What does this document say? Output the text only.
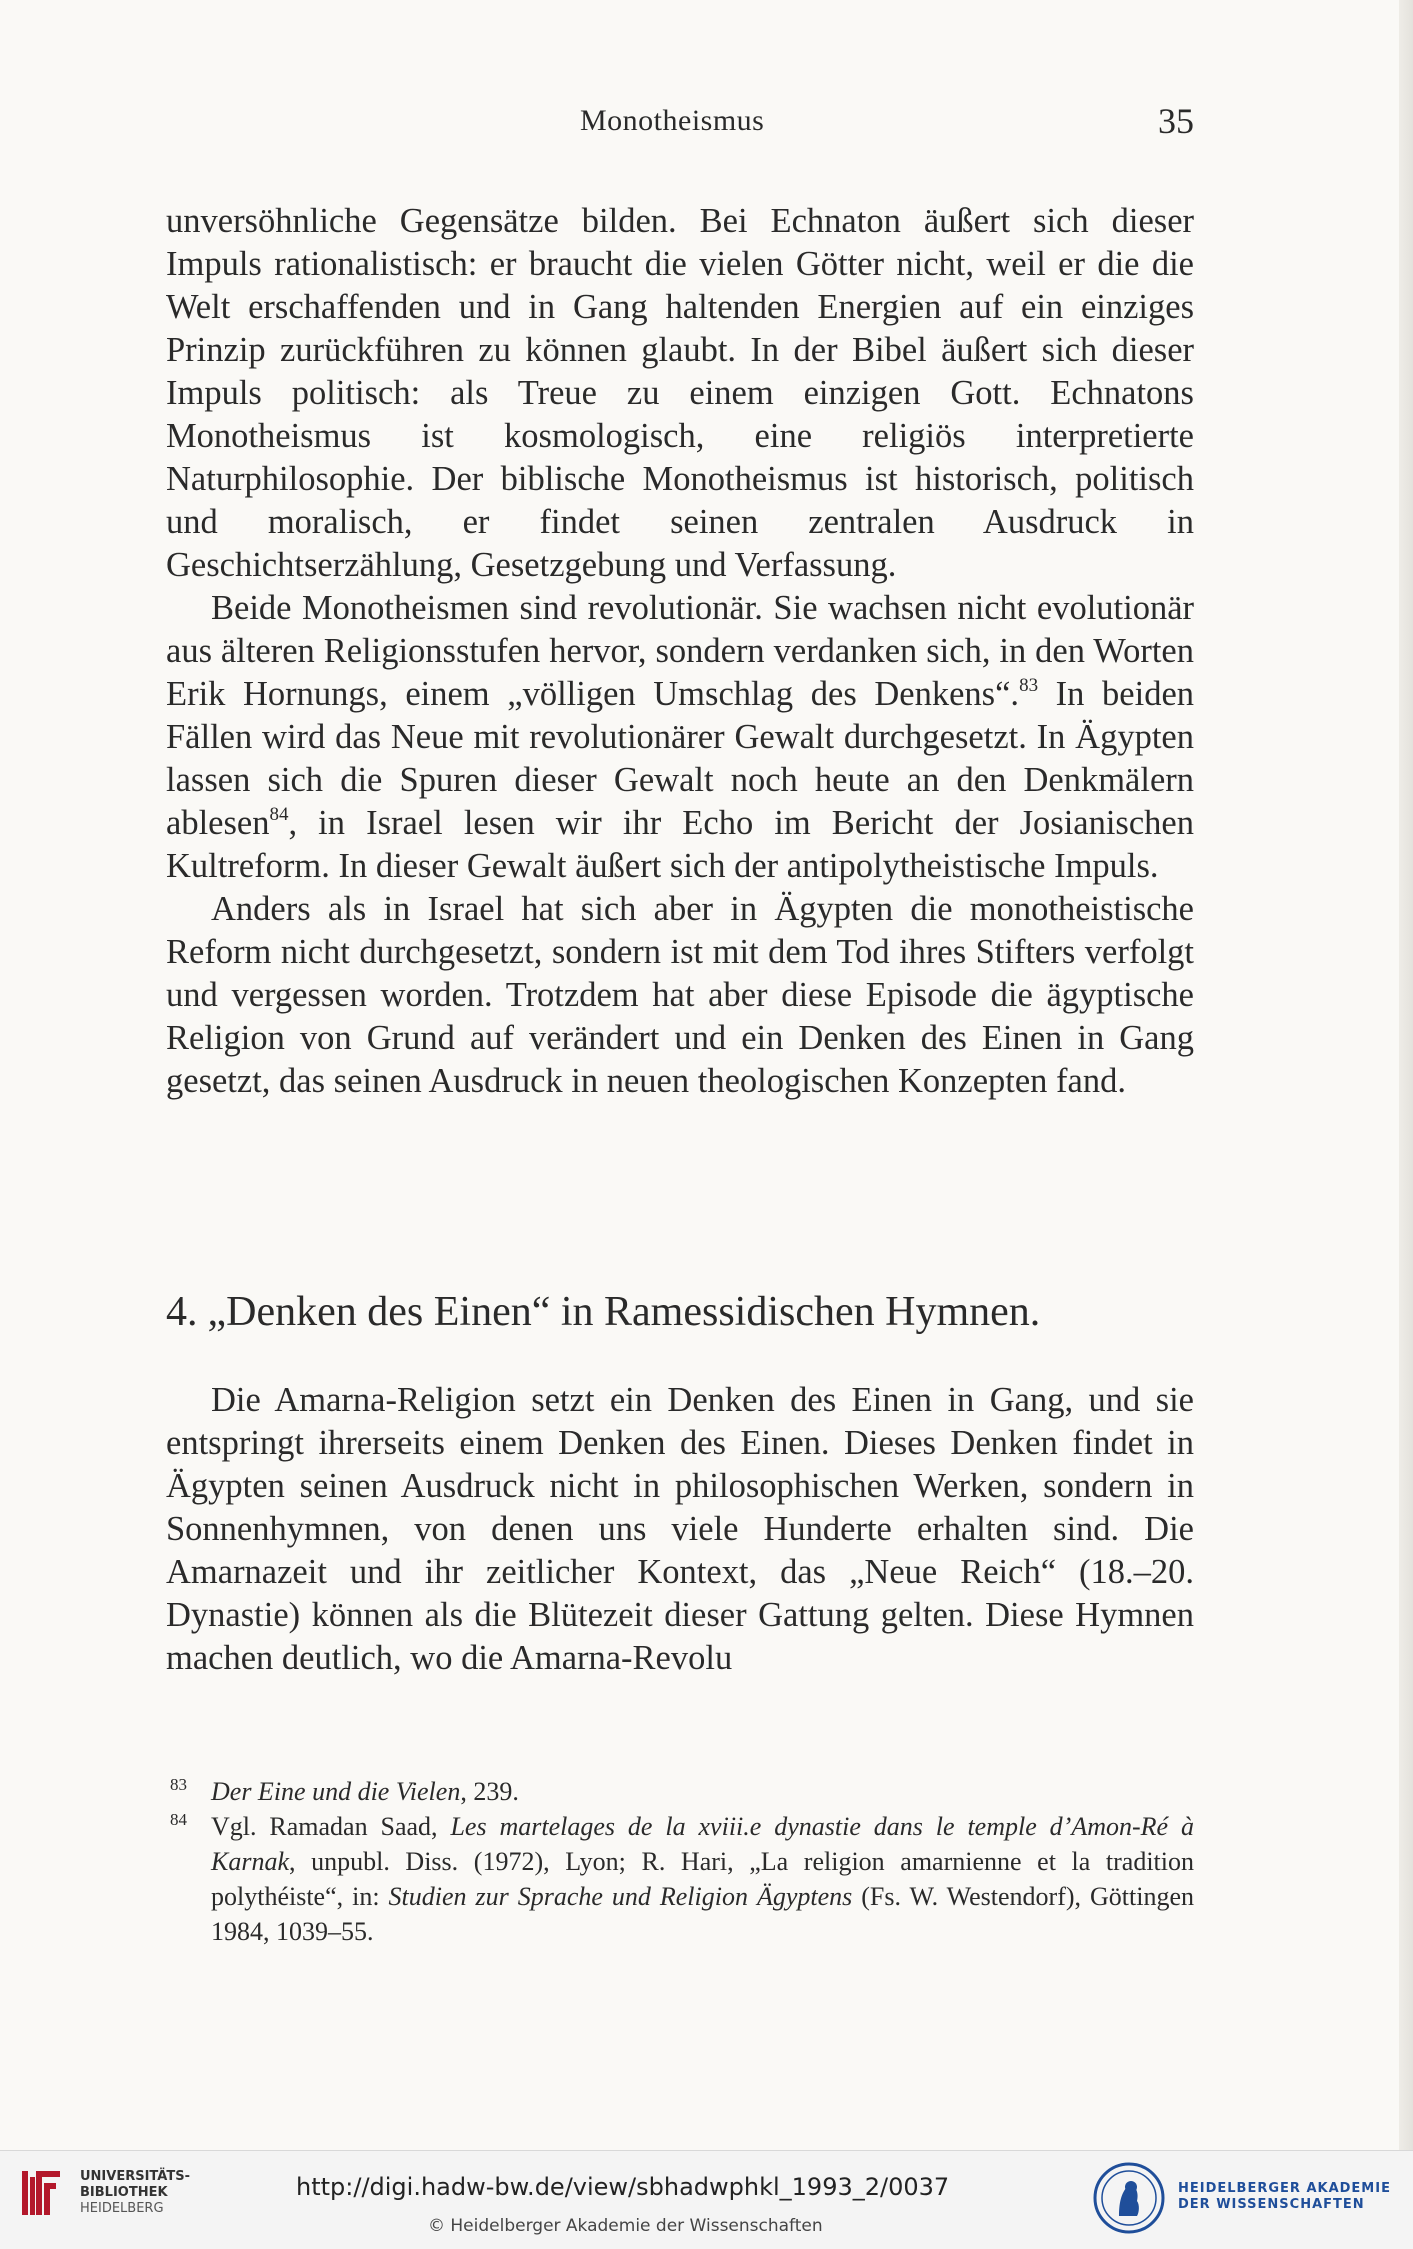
Monotheismus	35

unversöhnliche Gegensätze bilden. Bei Echnaton äußert sich dieser Impuls rationalistisch: er braucht die vielen Götter nicht, weil er die die Welt erschaffenden und in Gang haltenden Energien auf ein einziges Prinzip zurückführen zu können glaubt. In der Bibel äußert sich dieser Impuls politisch: als Treue zu einem einzigen Gott. Echnatons Monotheismus ist kosmologisch, eine religiös interpretierte Naturphilosophie. Der biblische Monotheismus ist historisch, politisch und moralisch, er findet seinen zentralen Ausdruck in Geschichtserzählung, Gesetzgebung und Verfassung.

Beide Monotheismen sind revolutionär. Sie wachsen nicht evolutionär aus älteren Religionsstufen hervor, sondern verdanken sich, in den Worten Erik Hornungs, einem „völligen Umschlag des Denkens“.$^{83}$ In beiden Fällen wird das Neue mit revolutionärer Gewalt durchgesetzt. In Ägypten lassen sich die Spuren dieser Gewalt noch heute an den Denkmälern ablesen$^{84}$, in Israel lesen wir ihr Echo im Bericht der Josianischen Kultreform. In dieser Gewalt äußert sich der antipolytheistische Impuls.

Anders als in Israel hat sich aber in Ägypten die monotheistische Reform nicht durchgesetzt, sondern ist mit dem Tod ihres Stifters verfolgt und vergessen worden. Trotzdem hat aber diese Episode die ägyptische Religion von Grund auf verändert und ein Denken des Einen in Gang gesetzt, das seinen Ausdruck in neuen theologischen Konzepten fand.

4. „Denken des Einen“ in Ramessidischen Hymnen.

Die Amarna-Religion setzt ein Denken des Einen in Gang, und sie entspringt ihrerseits einem Denken des Einen. Dieses Denken findet in Ägypten seinen Ausdruck nicht in philosophischen Werken, sondern in Sonnenhymnen, von denen uns viele Hunderte erhalten sind. Die Amarnazeit und ihr zeitlicher Kontext, das „Neue Reich“ (18.–20. Dynastie) können als die Blütezeit dieser Gattung gelten. Diese Hymnen machen deutlich, wo die Amarna-Revolu

83 Der Eine und die Vielen, 239.
84 Vgl. Ramadan Saad, Les martelages de la xviii.e dynastie dans le temple d’Amon-Ré à Karnak, unpubl. Diss. (1972), Lyon; R. Hari, „La religion amarnienne et la tradition polythéiste“, in: Studien zur Sprache und Religion Ägyptens (Fs. W. Westendorf), Göttingen 1984, 1039–55.
UNIVERSITÄTS-
BIBLIOTHEK
HEIDELBERG
http://digi.hadw-bw.de/view/sbhadwphkl_1993_2/0037
© Heidelberger Akademie der Wissenschaften
HEIDELBERGER AKADEMIE
DER WISSENSCHAFTEN
